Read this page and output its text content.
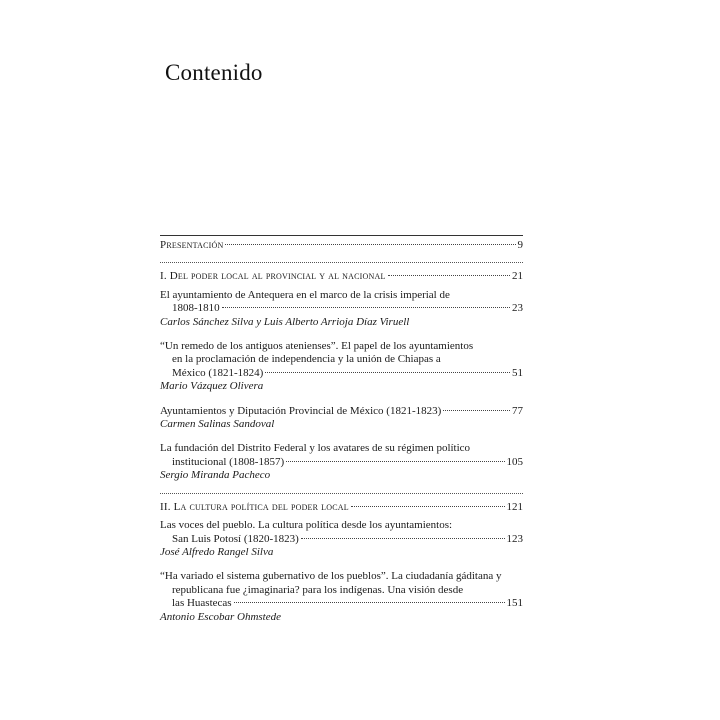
Contenido
Presentación	9
I. Del poder local al provincial y al nacional	21
El ayuntamiento de Antequera en el marco de la crisis imperial de
1808-1810	23
Carlos Sánchez Silva y Luis Alberto Arrioja Díaz Viruell
“Un remedo de los antiguos atenienses”. El papel de los ayuntamientos
en la proclamación de independencia y la unión de Chiapas a
México (1821-1824)	51
Mario Vázquez Olivera
Ayuntamientos y Diputación Provincial de México (1821-1823)	77
Carmen Salinas Sandoval
La fundación del Distrito Federal y los avatares de su régimen político
institucional (1808-1857)	105
Sergio Miranda Pacheco
II. La cultura política del poder local	121
Las voces del pueblo. La cultura política desde los ayuntamientos:
San Luis Potosí (1820-1823)	123
José Alfredo Rangel Silva
“Ha variado el sistema gubernativo de los pueblos”. La ciudadanía gáditana y
republicana fue ¿imaginaria? para los indígenas. Una visión desde
las Huastecas	151
Antonio Escobar Ohmstede
